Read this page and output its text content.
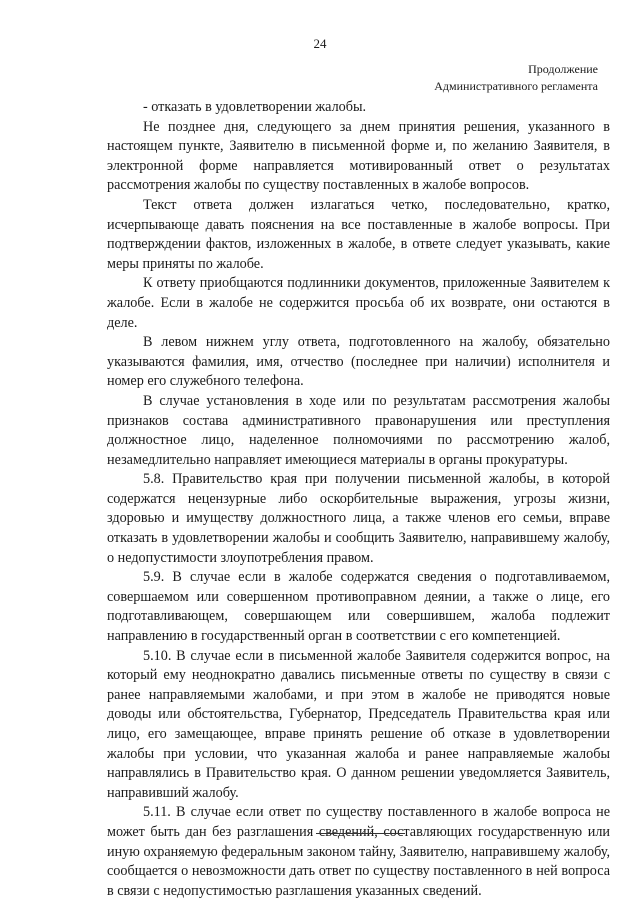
24
Продолжение
Административного регламента

- отказать в удовлетворении жалобы.

Не позднее дня, следующего за днем принятия решения, указанного в настоящем пункте, Заявителю в письменной форме и, по желанию Заявителя, в электронной форме направляется мотивированный ответ о результатах рассмотрения жалобы по существу поставленных в жалобе вопросов.

Текст ответа должен излагаться четко, последовательно, кратко, исчерпывающе давать пояснения на все поставленные в жалобе вопросы. При подтверждении фактов, изложенных в жалобе, в ответе следует указывать, какие меры приняты по жалобе.

К ответу приобщаются подлинники документов, приложенные Заявителем к жалобе. Если в жалобе не содержится просьба об их возврате, они остаются в деле.

В левом нижнем углу ответа, подготовленного на жалобу, обязательно указываются фамилия, имя, отчество (последнее при наличии) исполнителя и номер его служебного телефона.

В случае установления в ходе или по результатам рассмотрения жалобы признаков состава административного правонарушения или преступления должностное лицо, наделенное полномочиями по рассмотрению жалоб, незамедлительно направляет имеющиеся материалы в органы прокуратуры.

5.8. Правительство края при получении письменной жалобы, в которой содержатся нецензурные либо оскорбительные выражения, угрозы жизни, здоровью и имуществу должностного лица, а также членов его семьи, вправе отказать в удовлетворении жалобы и сообщить Заявителю, направившему жалобу, о недопустимости злоупотребления правом.

5.9. В случае если в жалобе содержатся сведения о подготавливаемом, совершаемом или совершенном противоправном деянии, а также о лице, его подготавливающем, совершающем или совершившем, жалоба подлежит направлению в государственный орган в соответствии с его компетенцией.

5.10. В случае если в письменной жалобе Заявителя содержится вопрос, на который ему неоднократно давались письменные ответы по существу в связи с ранее направляемыми жалобами, и при этом в жалобе не приводятся новые доводы или обстоятельства, Губернатор, Председатель Правительства края или лицо, его замещающее, вправе принять решение об отказе в удовлетворении жалобы при условии, что указанная жалоба и ранее направляемые жалобы направлялись в Правительство края. О данном решении уведомляется Заявитель, направивший жалобу.

5.11. В случае если ответ по существу поставленного в жалобе вопроса не может быть дан без разглашения сведений, составляющих государственную или иную охраняемую федеральным законом тайну, Заявителю, направившему жалобу, сообщается о невозможности дать ответ по существу поставленного в ней вопроса в связи с недопустимостью разглашения указанных сведений.
